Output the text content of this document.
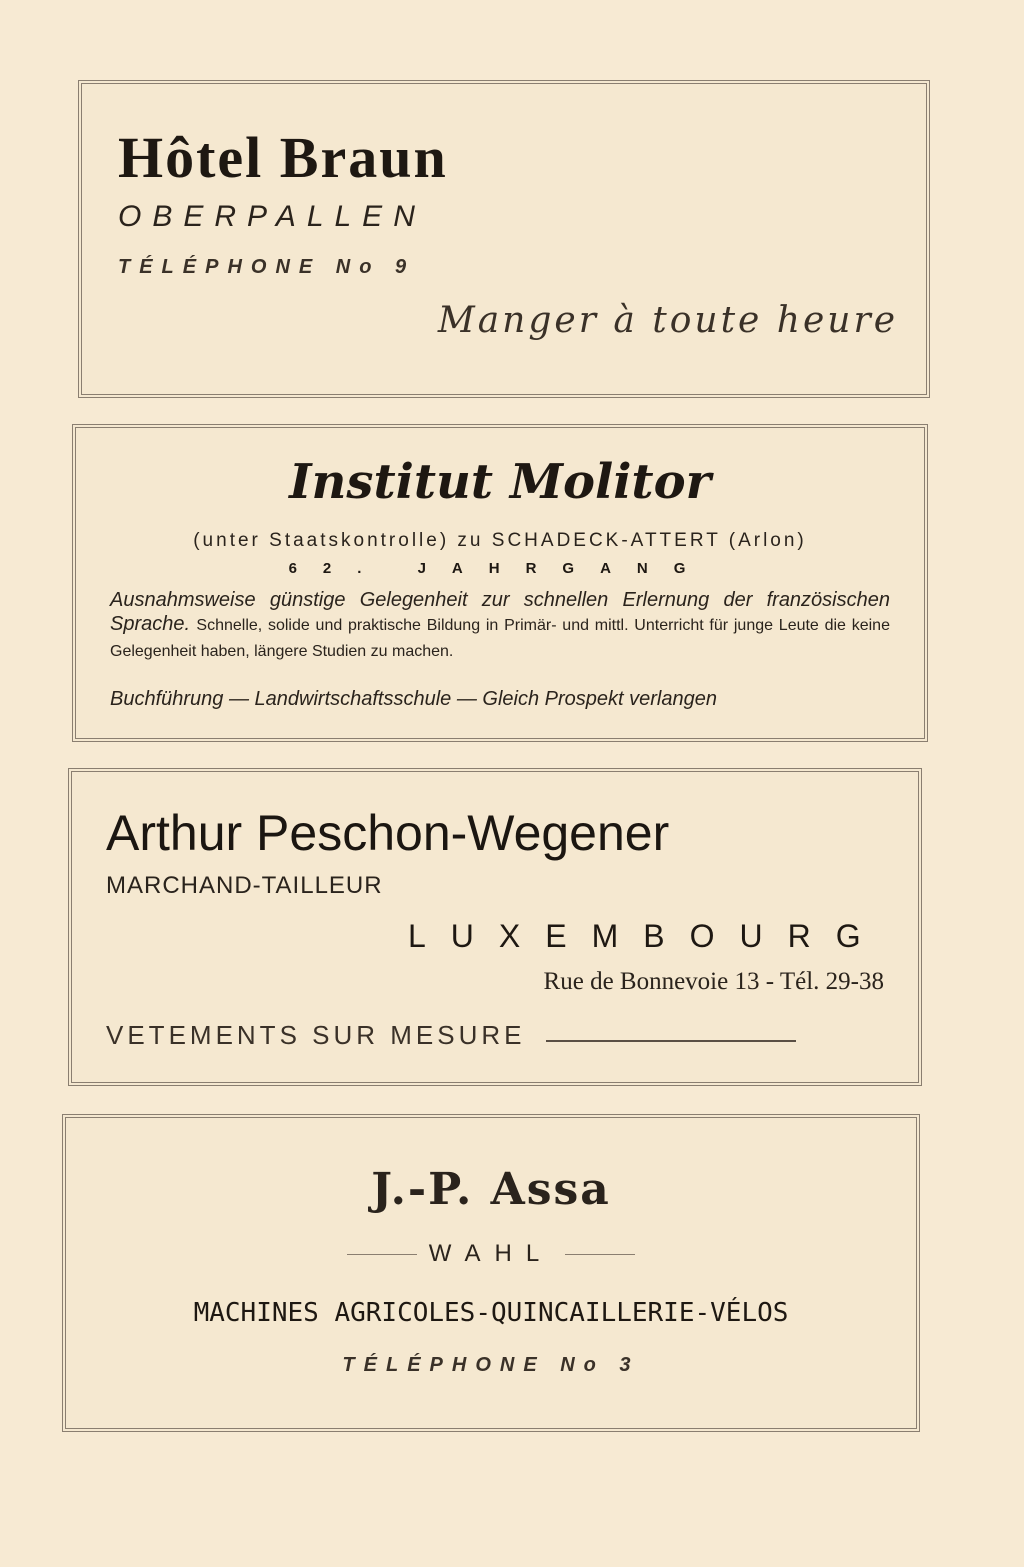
Hôtel Braun
OBERPALLEN
TÉLÉPHONE No 9
Manger à toute heure
Institut Molitor
(unter Staatskontrolle) zu SCHADECK-ATTERT (Arlon)
62. JAHRGANG
Ausnahmsweise günstige Gelegenheit zur schnellen Erlernung der französischen Sprache. Schnelle, solide und praktische Bildung in Primär- und mittl. Unterricht für junge Leute die keine Gelegenheit haben, längere Studien zu machen.
Buchführung — Landwirtschaftsschule — Gleich Prospekt verlangen
Arthur Peschon-Wegener
MARCHAND-TAILLEUR
LUXEMBOURG
Rue de Bonnevoie 13 - Tél. 29-38
VETEMENTS SUR MESURE
J.-P. Assa
WAHL
MACHINES AGRICOLES-QUINCAILLERIE-VÉLOS
TÉLÉPHONE No 3
